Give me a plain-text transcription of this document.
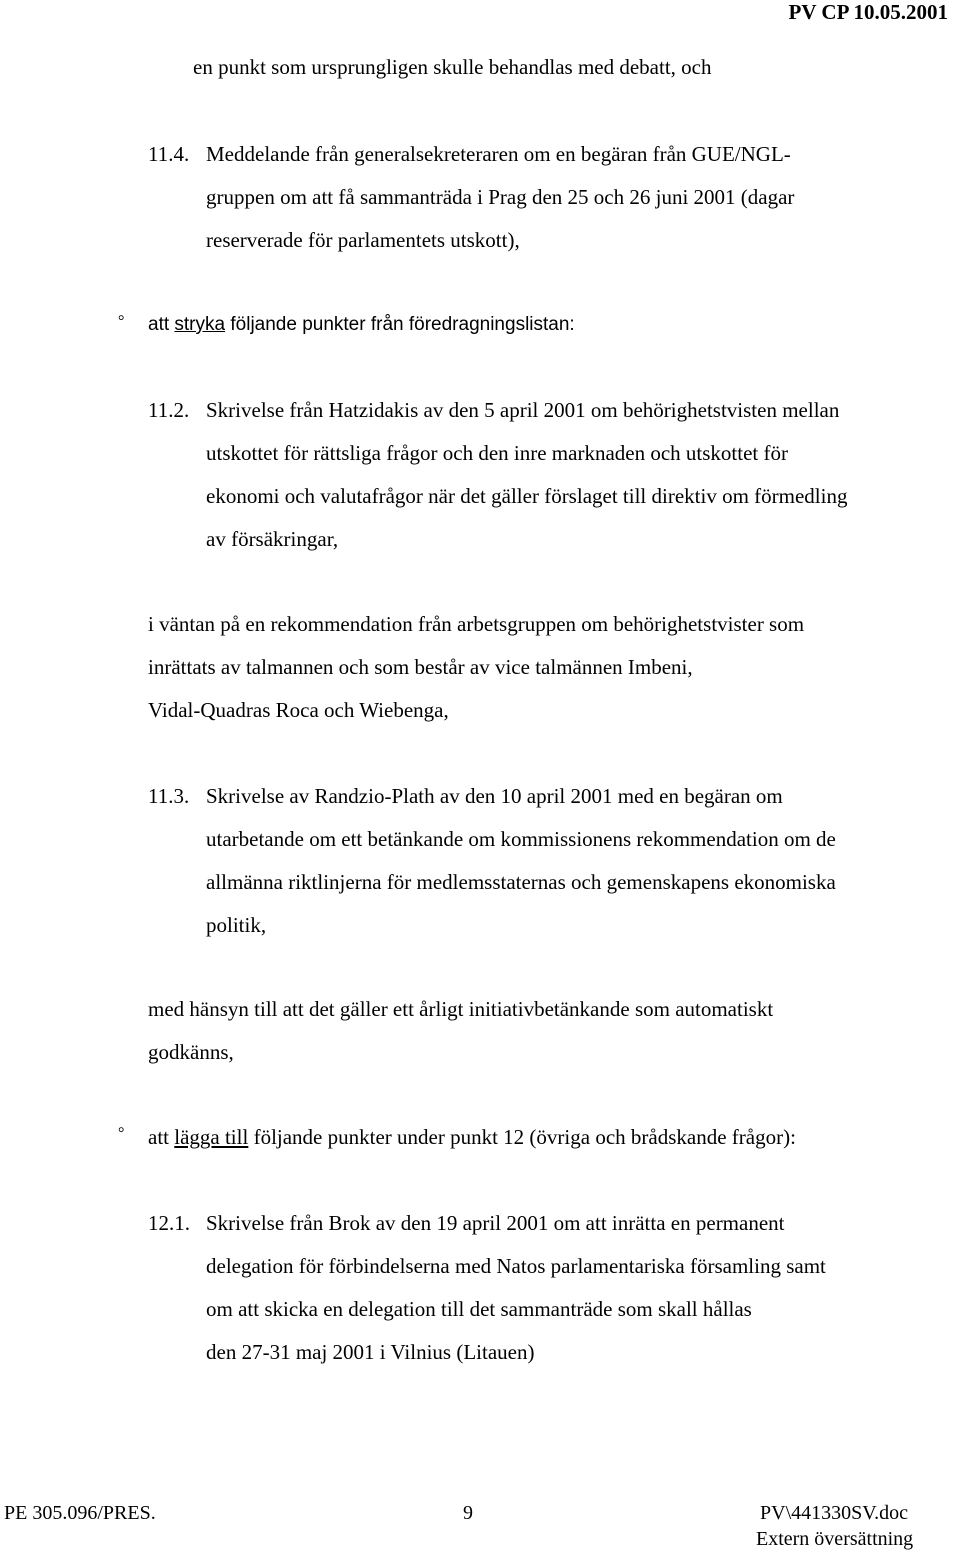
PV CP 10.05.2001
en punkt som ursprungligen skulle behandlas med debatt, och
11.4. Meddelande från generalsekreteraren om en begäran från GUE/NGL-
gruppen om att få sammanträda i Prag den 25 och 26 juni 2001 (dagar
reserverade för parlamentets utskott),
° att stryka följande punkter från föredragningslistan:
11.2. Skrivelse från Hatzidakis av den 5 april 2001 om behörighetstvisten mellan
utskottet för rättsliga frågor och den inre marknaden och utskottet för
ekonomi och valutafrågor när det gäller förslaget till direktiv om förmedling
av försäkringar,
i väntan på en rekommendation från arbetsgruppen om behörighetstvister som
inrättats av talmannen och som består av vice talmännen Imbeni,
Vidal-Quadras Roca och Wiebenga,
11.3. Skrivelse av Randzio-Plath av den 10 april 2001 med en begäran om
utarbetande om ett betänkande om kommissionens rekommendation om de
allmänna riktlinjerna för medlemsstaternas och gemenskapens ekonomiska
politik,
med hänsyn till att det gäller ett årligt initiativbetänkande som automatiskt
godkänns,
° att lägga till följande punkter under punkt 12 (övriga och brådskande frågor):
12.1. Skrivelse från Brok av den 19 april 2001 om att inrätta en permanent
delegation för förbindelserna med Natos parlamentariska församling samt
om att skicka en delegation till det sammanträde som skall hållas
den 27-31 maj 2001 i Vilnius (Litauen)
PE 305.096/PRES.	9	PV\441330SV.doc
Extern översättning
